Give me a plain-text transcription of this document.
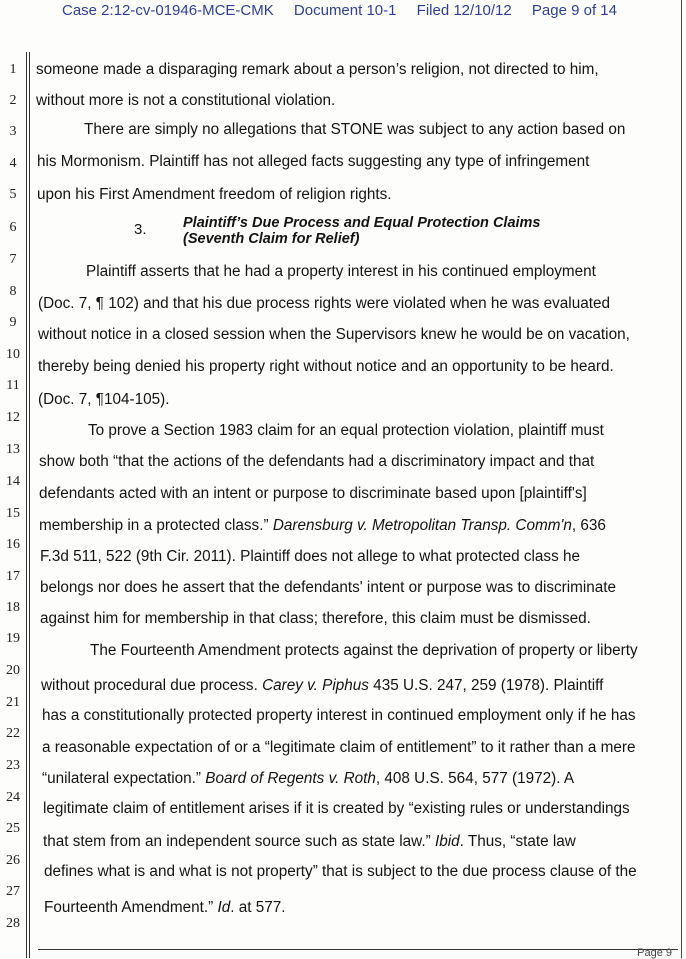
Case 2:12-cv-01946-MCE-CMK Document 10-1 Filed 12/10/12 Page 9 of 14
1
2
3
4
5
6
7
8
9
10
11
12
13
14
15
16
17
18
19
20
21
22
23
24
25
26
27
28
someone made a disparaging remark about a person’s religion, not directed to him,
without more is not a constitutional violation.
There are simply no allegations that STONE was subject to any action based on
his Mormonism. Plaintiff has not alleged facts suggesting any type of infringement
upon his First Amendment freedom of religion rights.
3.	Plaintiff’s Due Process and Equal Protection Claims
(Seventh Claim for Relief)
Plaintiff asserts that he had a property interest in his continued employment
(Doc. 7, ¶ 102) and that his due process rights were violated when he was evaluated
without notice in a closed session when the Supervisors knew he would be on vacation,
thereby being denied his property right without notice and an opportunity to be heard.
(Doc. 7, ¶104-105).
To prove a Section 1983 claim for an equal protection violation, plaintiff must
show both “that the actions of the defendants had a discriminatory impact and that
defendants acted with an intent or purpose to discriminate based upon [plaintiff's]
membership in a protected class.” Darensburg v. Metropolitan Transp. Comm'n, 636
F.3d 511, 522 (9th Cir. 2011). Plaintiff does not allege to what protected class he
belongs nor does he assert that the defendants' intent or purpose was to discriminate
against him for membership in that class; therefore, this claim must be dismissed.
The Fourteenth Amendment protects against the deprivation of property or liberty
without procedural due process. Carey v. Piphus 435 U.S. 247, 259 (1978). Plaintiff
has a constitutionally protected property interest in continued employment only if he has
a reasonable expectation of or a “legitimate claim of entitlement” to it rather than a mere
“unilateral expectation.” Board of Regents v. Roth, 408 U.S. 564, 577 (1972). A
legitimate claim of entitlement arises if it is created by “existing rules or understandings
that stem from an independent source such as state law.” Ibid. Thus, “state law
defines what is and what is not property” that is subject to the due process clause of the
Fourteenth Amendment.” Id. at 577.
Page 9
